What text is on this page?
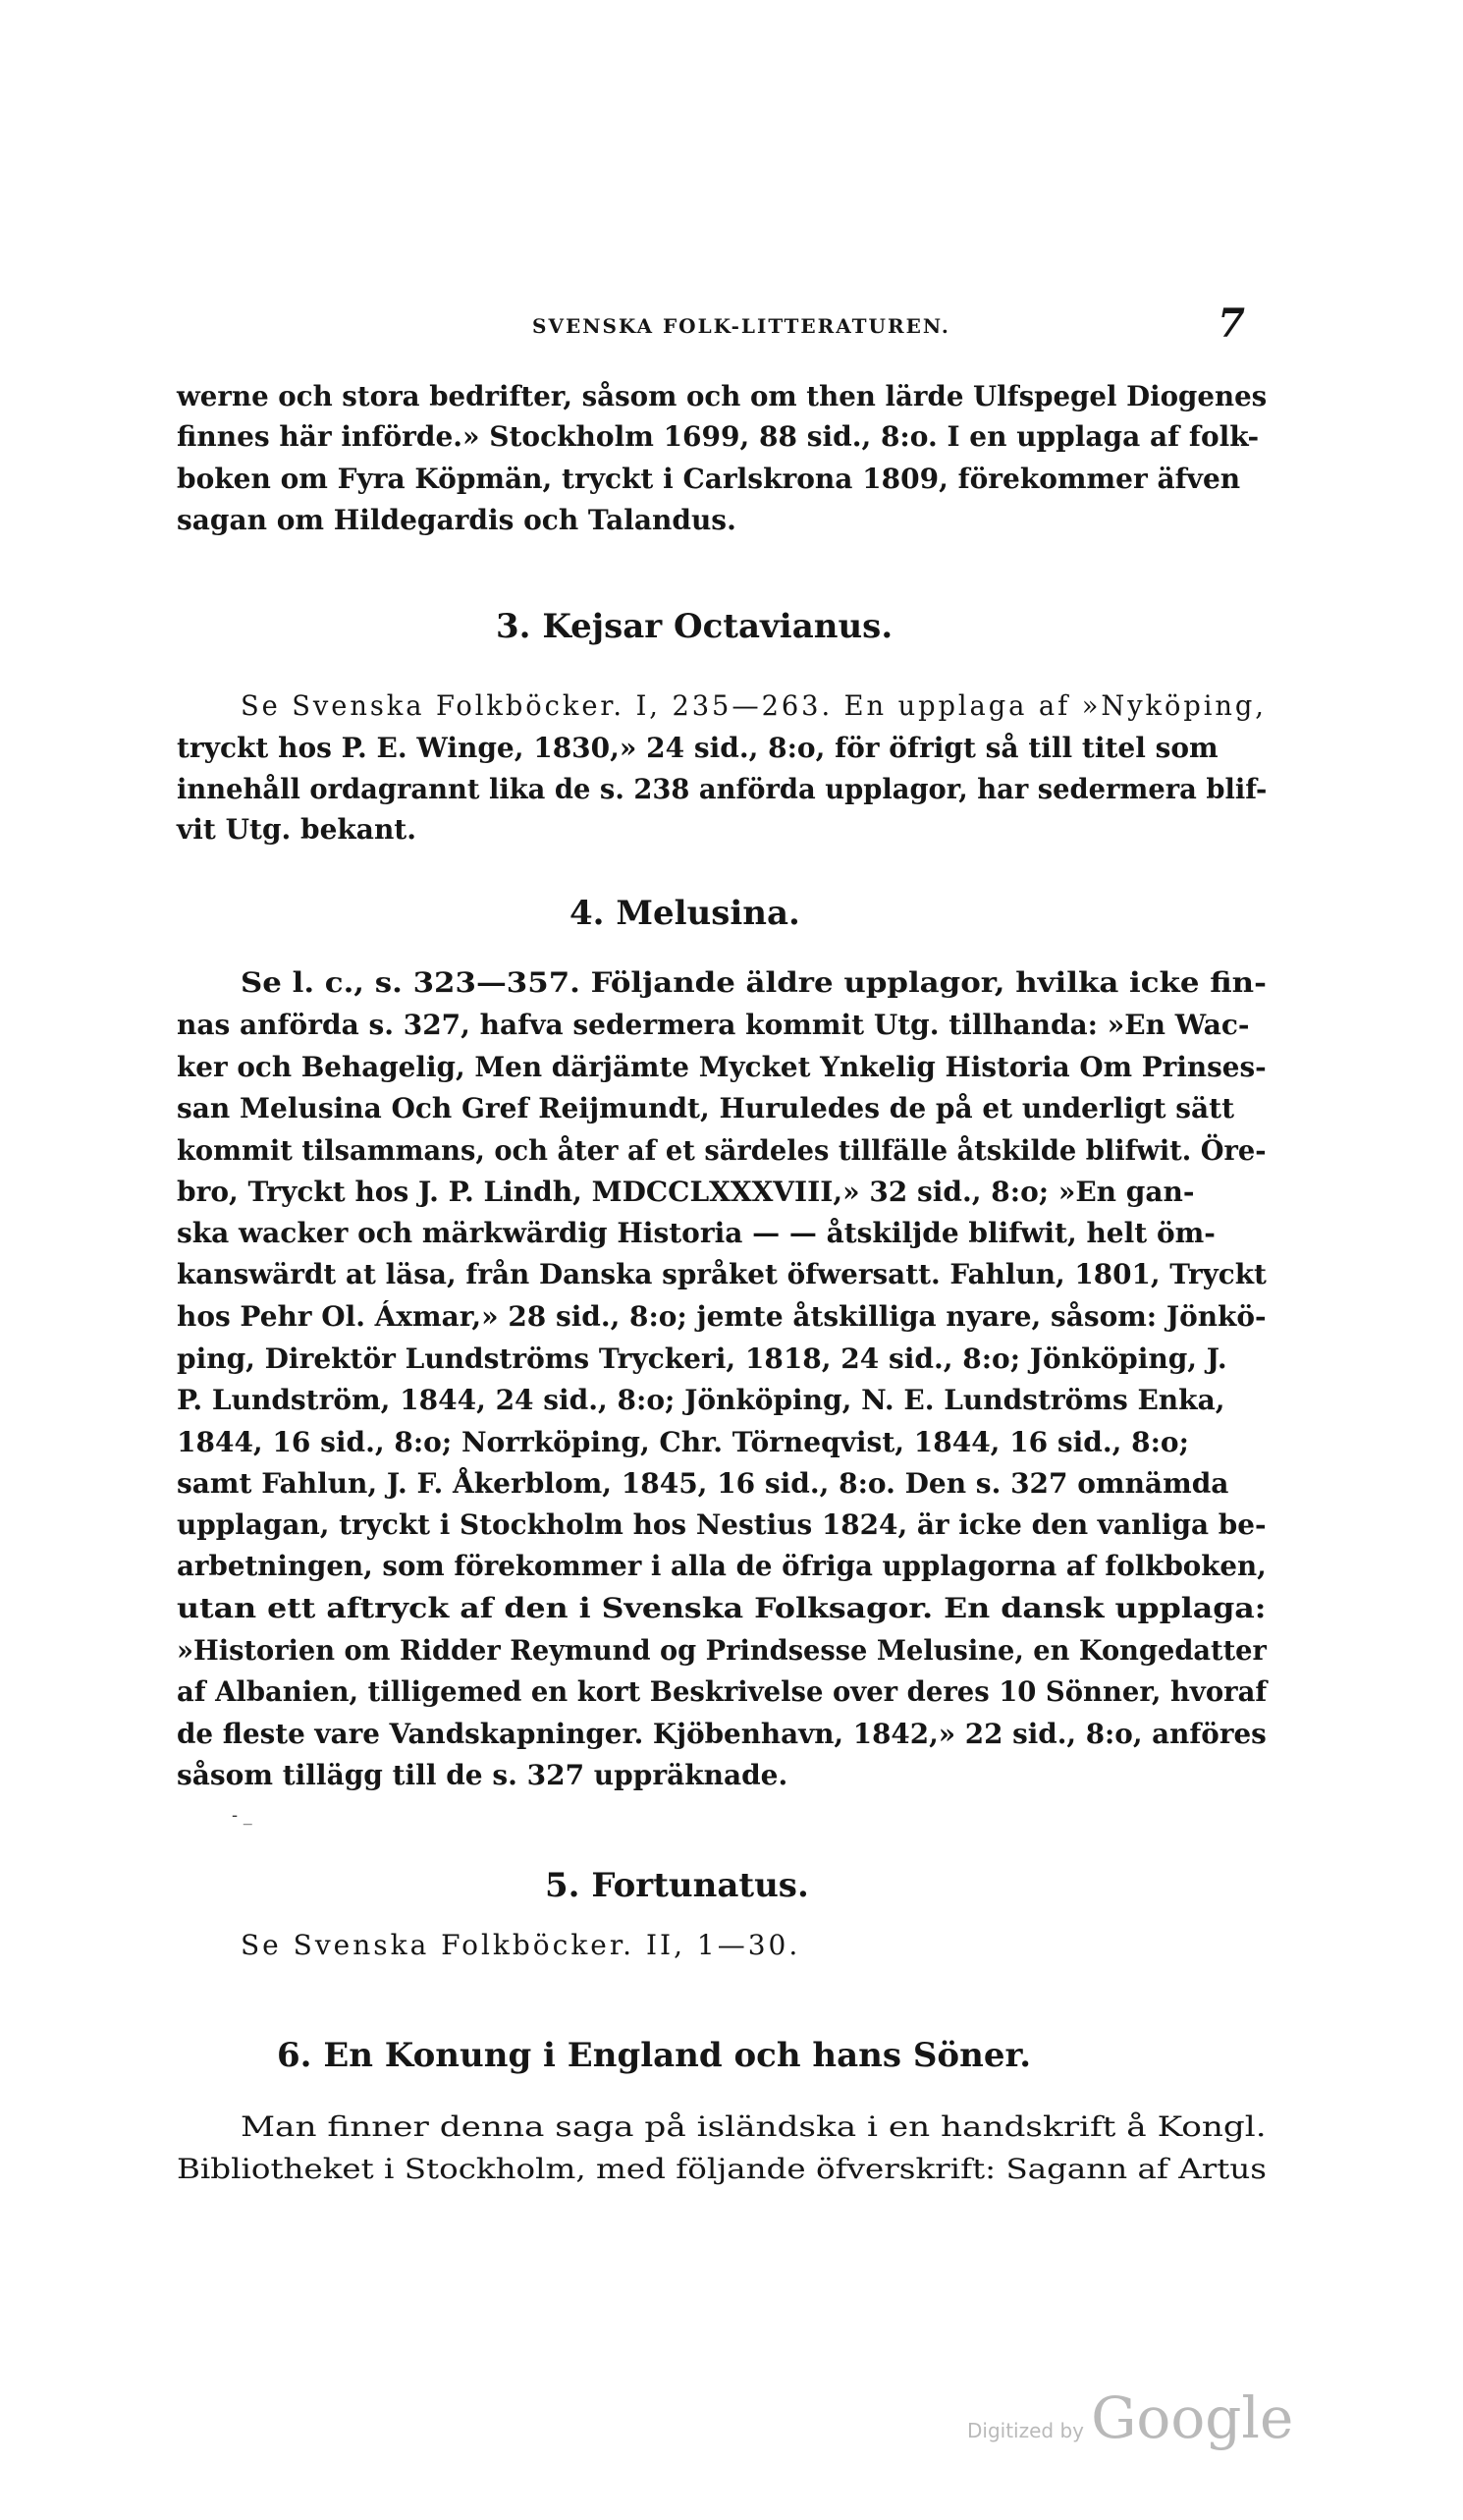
SVENSKA FOLK-LITTERATUREN.	7
werne och stora bedrifter, såsom och om then lärde Ulfspegel Diogenes
finnes här införde.» Stockholm 1699, 88 sid., 8:o. I en upplaga af folk-
boken om Fyra Köpmän, tryckt i Carlskrona 1809, förekommer äfven
sagan om Hildegardis och Talandus.
3. Kejsar Octavianus.
Se Svenska Folkböcker. I, 235—263. En upplaga af »Nyköping,
tryckt hos P. E. Winge, 1830,» 24 sid., 8:o, för öfrigt så till titel som
innehåll ordagrannt lika de s. 238 anförda upplagor, har sedermera blif-
vit Utg. bekant.
4. Melusina.
Se l. c., s. 323—357. Följande äldre upplagor, hvilka icke fin-
nas anförda s. 327, hafva sedermera kommit Utg. tillhanda: »En Wac-
ker och Behagelig, Men därjämte Mycket Ynkelig Historia Om Prinses-
san Melusina Och Gref Reijmundt, Huruledes de på et underligt sätt
kommit tilsammans, och åter af et särdeles tillfälle åtskilde blifwit. Öre-
bro, Tryckt hos J. P. Lindh, MDCCLXXXVIII,» 32 sid., 8:o; »En gan-
ska wacker och märkwärdig Historia — — åtskiljde blifwit, helt öm-
kanswärdt at läsa, från Danska språket öfwersatt. Fahlun, 1801, Tryckt
hos Pehr Ol. Áxmar,» 28 sid., 8:o; jemte åtskilliga nyare, såsom: Jönkö-
ping, Direktör Lundströms Tryckeri, 1818, 24 sid., 8:o; Jönköping, J.
P. Lundström, 1844, 24 sid., 8:o; Jönköping, N. E. Lundströms Enka,
1844, 16 sid., 8:o; Norrköping, Chr. Törneqvist, 1844, 16 sid., 8:o;
samt Fahlun, J. F. Åkerblom, 1845, 16 sid., 8:o. Den s. 327 omnämda
upplagan, tryckt i Stockholm hos Nestius 1824, är icke den vanliga be-
arbetningen, som förekommer i alla de öfriga upplagorna af folkboken,
utan ett aftryck af den i Svenska Folksagor. En dansk upplaga:
»Historien om Ridder Reymund og Prindsesse Melusine, en Kongedatter
af Albanien, tilligemed en kort Beskrivelse over deres 10 Sönner, hvoraf
de fleste vare Vandskapninger. Kjöbenhavn, 1842,» 22 sid., 8:o, anföres
såsom tillägg till de s. 327 uppräknade.
- _
5. Fortunatus.
Se Svenska Folkböcker. II, 1—30.
6. En Konung i England och hans Söner.
Man finner denna saga på isländska i en handskrift å Kongl.
Bibliotheket i Stockholm, med följande öfverskrift: Sagann af Artus
Digitized by Google
